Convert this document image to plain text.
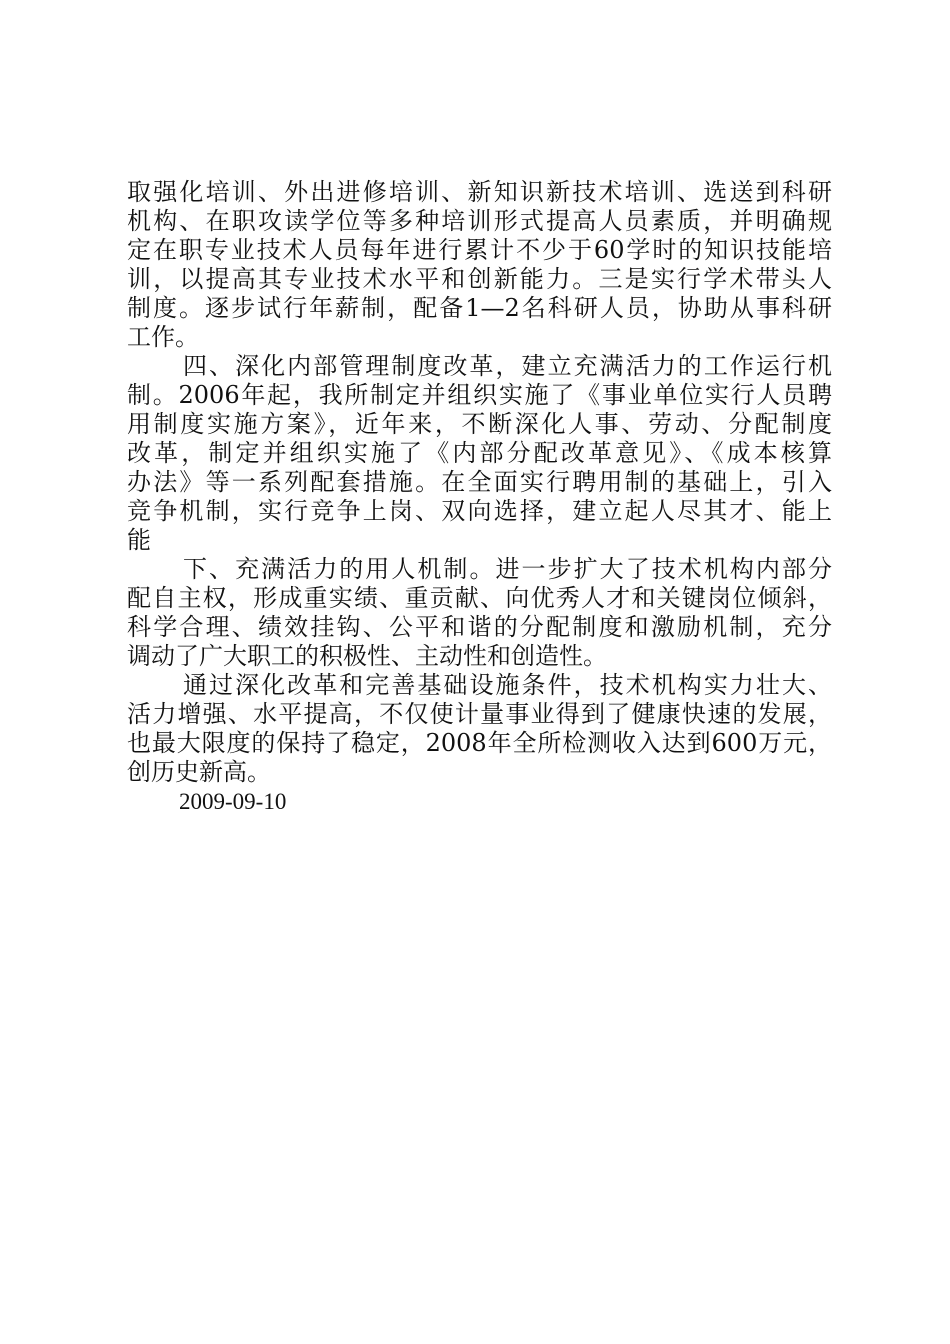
取强化培训、外出进修培训、新知识新技术培训、选送到科研
机构、在职攻读学位等多种培训形式提高人员素质，并明确规
定在职专业技术人员每年进行累计不少于60学时的知识技能培
训，以提高其专业技术水平和创新能力。三是实行学术带头人
制度。逐步试行年薪制，配备1—2名科研人员，协助从事科研
工作。
四、深化内部管理制度改革，建立充满活力的工作运行机
制。2006年起，我所制定并组织实施了《事业单位实行人员聘
用制度实施方案》，近年来，不断深化人事、劳动、分配制度
改革，制定并组织实施了《内部分配改革意见》、《成本核算
办法》等一系列配套措施。在全面实行聘用制的基础上，引入
竞争机制，实行竞争上岗、双向选择，建立起人尽其才、能上
能
下、充满活力的用人机制。进一步扩大了技术机构内部分
配自主权，形成重实绩、重贡献、向优秀人才和关键岗位倾斜，
科学合理、绩效挂钩、公平和谐的分配制度和激励机制，充分
调动了广大职工的积极性、主动性和创造性。
通过深化改革和完善基础设施条件，技术机构实力壮大、
活力增强、水平提高，不仅使计量事业得到了健康快速的发展，
也最大限度的保持了稳定，2008年全所检测收入达到600万元，
创历史新高。
2009-09-10
